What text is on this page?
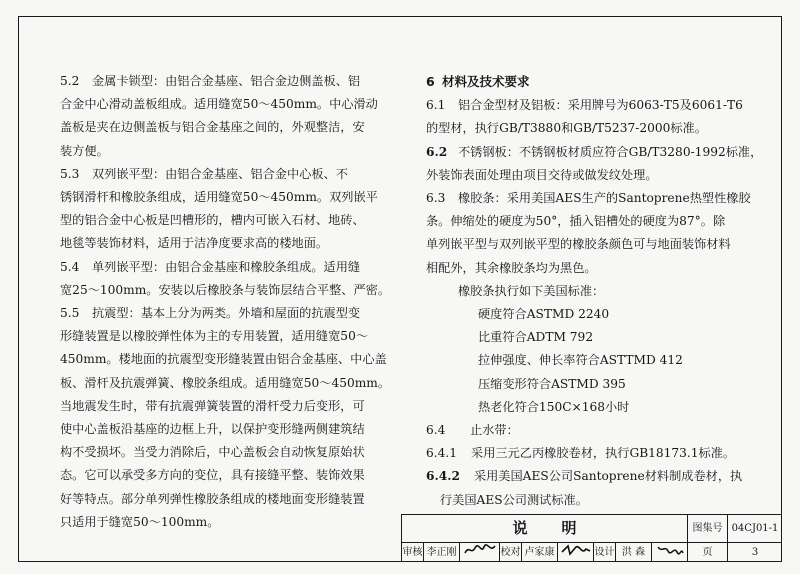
5.2 金属卡锁型：由铝合金基座、铝合金边侧盖板、铝

合金中心滑动盖板组成。适用缝宽50～450mm。中心滑动

盖板是夹在边侧盖板与铝合金基座之间的，外观整洁，安

装方便。

5.3 双列嵌平型：由铝合金基座、铝合金中心板、不

锈钢滑杆和橡胶条组成，适用缝宽50～450mm。双列嵌平

型的铝合金中心板是凹槽形的，槽内可嵌入石材、地砖、

地毯等装饰材料，适用于洁净度要求高的楼地面。

5.4 单列嵌平型：由铝合金基座和橡胶条组成。适用缝

宽25～100mm。安装以后橡胶条与装饰层结合平整、严密。

5.5 抗震型：基本上分为两类。外墙和屋面的抗震型变

形缝装置是以橡胶弹性体为主的专用装置，适用缝宽50～

450mm。楼地面的抗震型变形缝装置由铝合金基座、中心盖

板、滑杆及抗震弹簧、橡胶条组成。适用缝宽50～450mm。

当地震发生时，带有抗震弹簧装置的滑杆受力后变形，可

使中心盖板沿基座的边框上升，以保护变形缝两侧建筑结

构不受损坏。当受力消除后，中心盖板会自动恢复原始状

态。它可以承受多方向的变位，具有接缝平整、装饰效果

好等特点。部分单列弹性橡胶条组成的楼地面变形缝装置

只适用于缝宽50～100mm。

6 材料及技术要求

6.1 铝合金型材及铝板：采用牌号为6063-T5及6061-T6

的型材，执行GB/T3880和GB/T5237-2000标准。

6.2 不锈钢板：不锈钢板材质应符合GB/T3280-1992标准，

外装饰表面处理由项目交待或做发纹处理。

6.3 橡胶条：采用美国AES生产的Santoprene热塑性橡胶

条。伸缩处的硬度为50°，插入铝槽处的硬度为87°。除

单列嵌平型与双列嵌平型的橡胶条颜色可与地面装饰材料

相配外，其余橡胶条均为黑色。

橡胶条执行如下美国标准：

硬度符合ASTMD 2240

比重符合ADTM 792

拉伸强度、伸长率符合ASTTMD 412

压缩变形符合ASTMD 395

热老化符合150C×168小时

6.4 止水带：

6.4.1 采用三元乙丙橡胶卷材，执行GB18173.1标准。

6.4.2 采用美国AES公司Santoprene材料制成卷材，执

行美国AES公司测试标准。

说明	图集号 04CJ01-1
审核 李正刚	校对 卢家康	设计 洪 森	页	3
